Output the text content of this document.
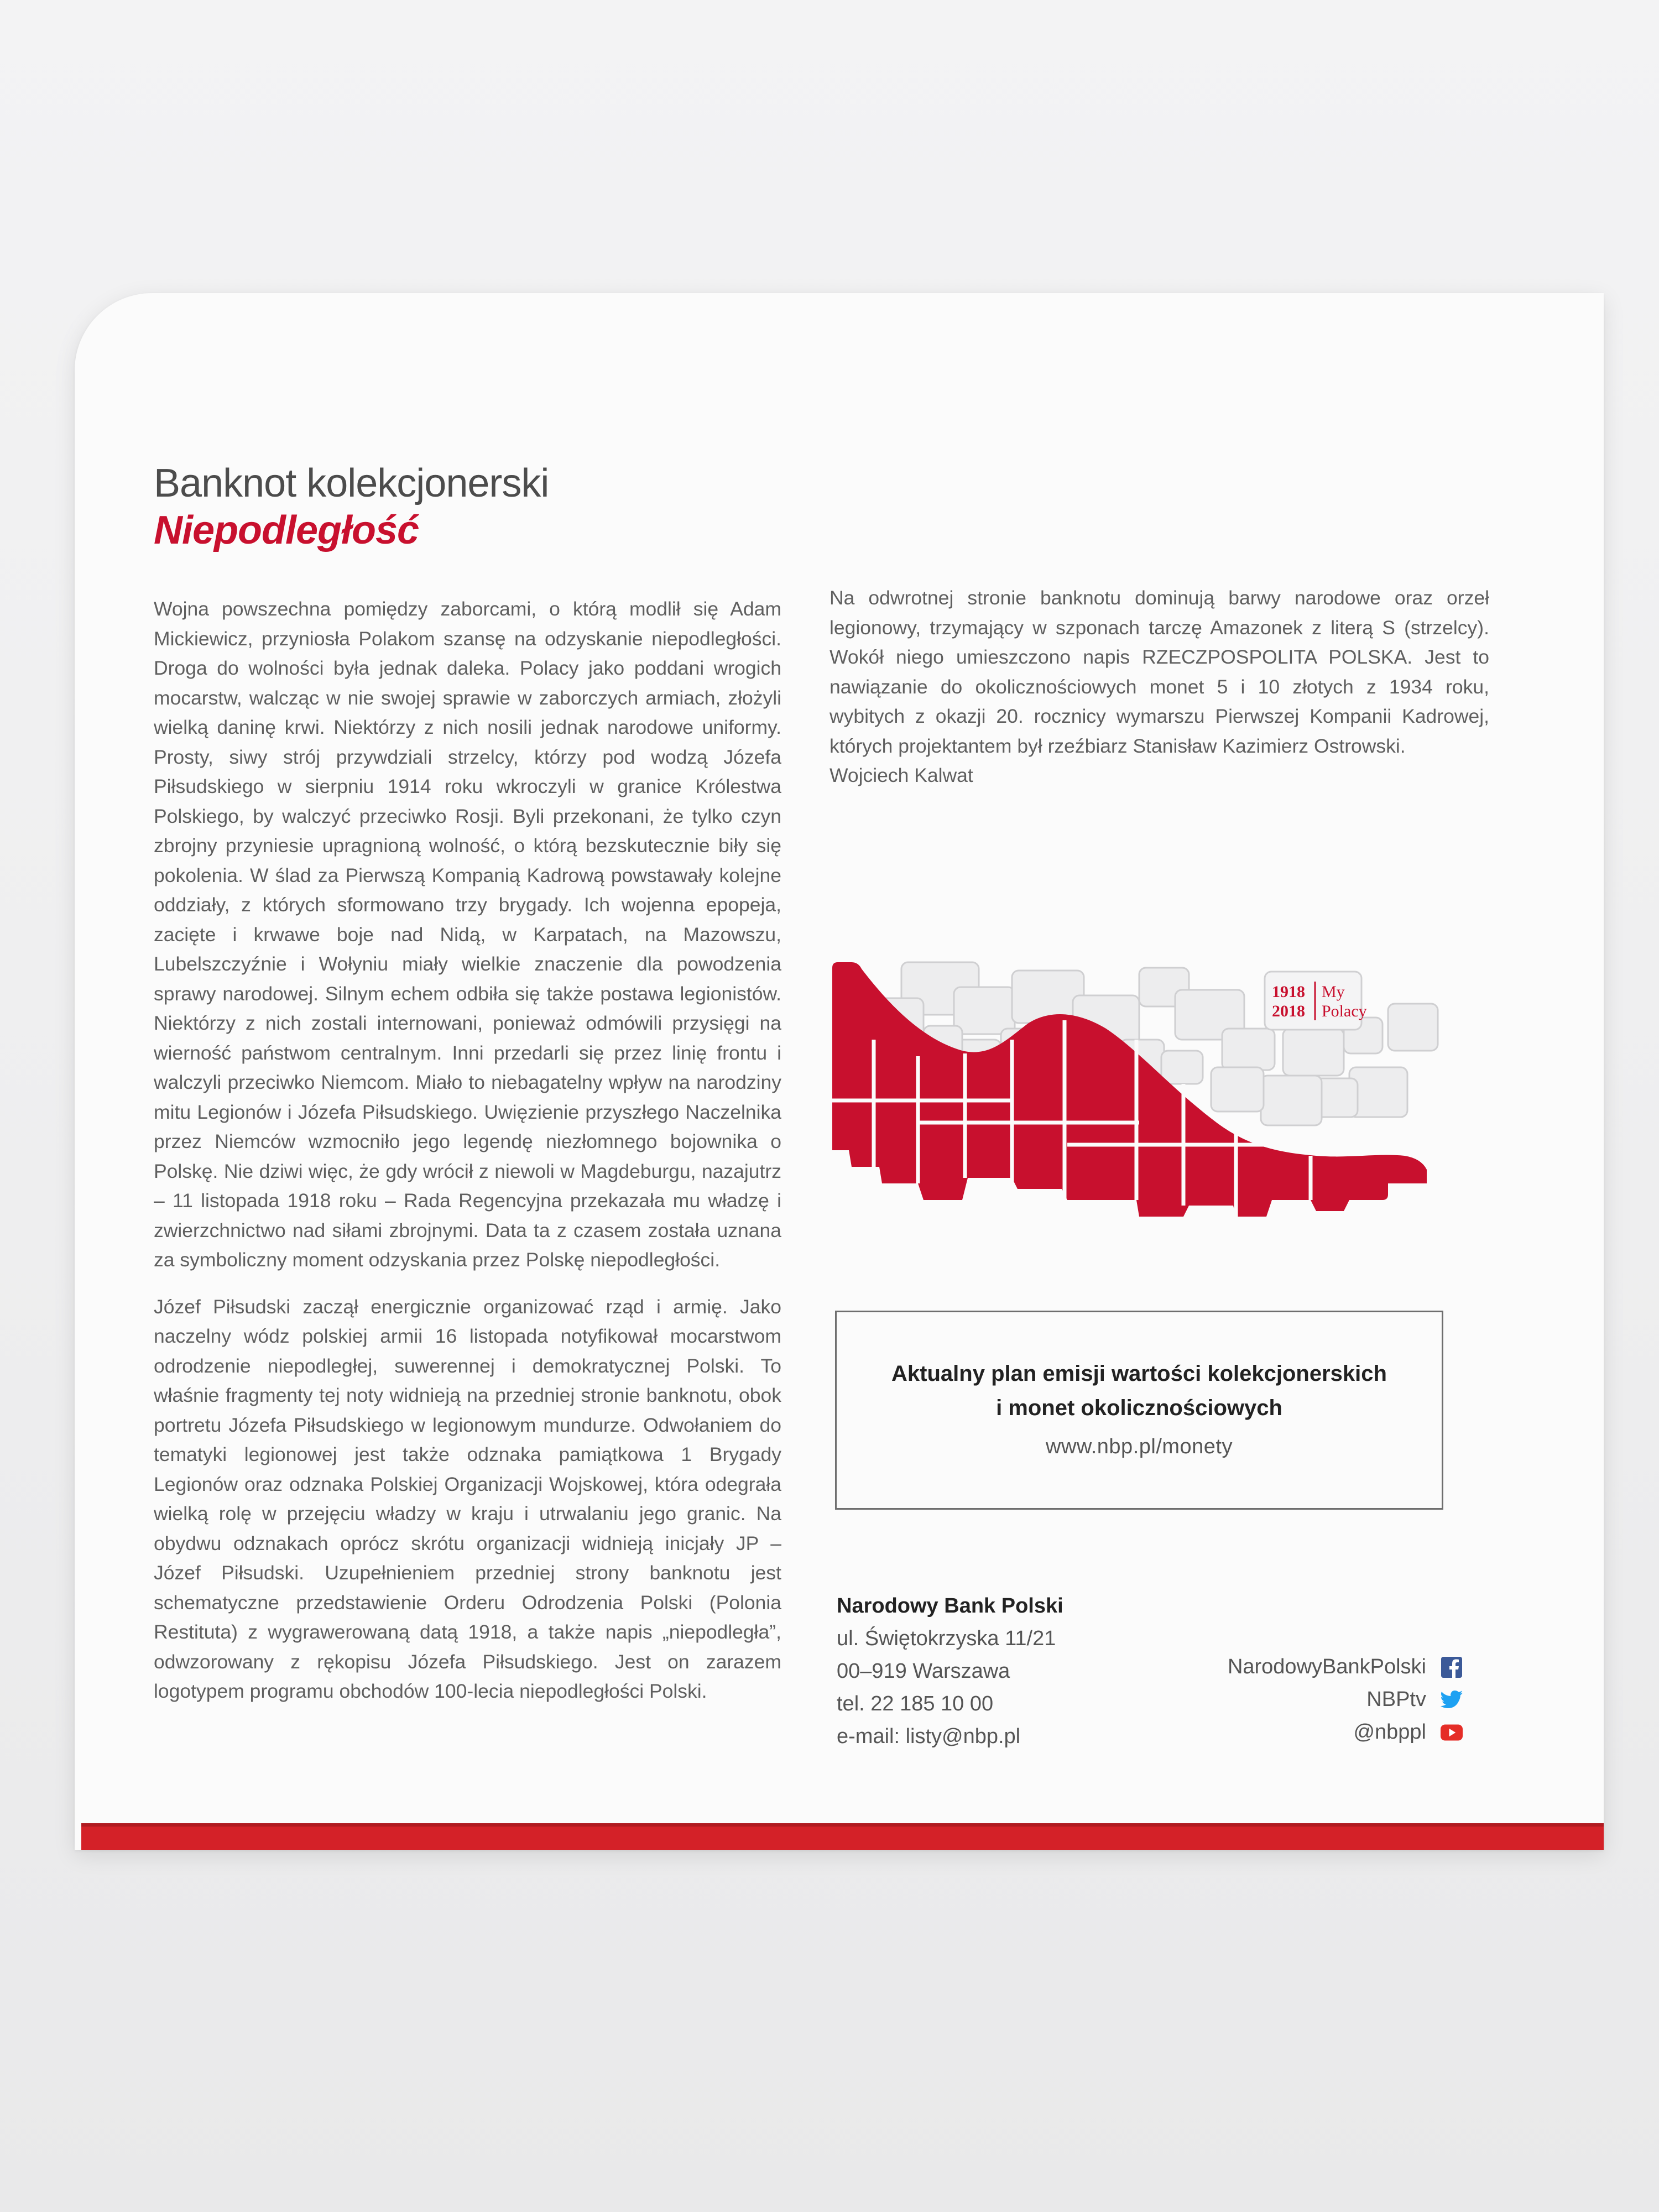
Banknot kolekcjonerski
Niepodległość

Wojna powszechna pomiędzy zaborcami, o którą modlił się Adam Mickiewicz, przyniosła Polakom szansę na odzyskanie niepodległości. Droga do wolności była jednak daleka. Polacy jako poddani wrogich mocarstw, walcząc w nie swojej sprawie w zaborczych armiach, złożyli wielką daninę krwi. Niektórzy z nich nosili jednak narodowe uniformy. Prosty, siwy strój przywdziali strzelcy, którzy pod wodzą Józefa Piłsudskiego w sierpniu 1914 roku wkroczyli w granice Królestwa Polskiego, by walczyć przeciwko Rosji. Byli przekonani, że tylko czyn zbrojny przyniesie upragnioną wolność, o którą bezskutecznie biły się pokolenia. W ślad za Pierwszą Kompanią Kadrową powstawały kolejne oddziały, z których sformowano trzy brygady. Ich wojenna epopeja, zacięte i krwawe boje nad Nidą, w Karpatach, na Mazowszu, Lubelszczyźnie i Wołyniu miały wielkie znaczenie dla powodzenia sprawy narodowej. Silnym echem odbiła się także postawa legionistów. Niektórzy z nich zostali internowani, ponieważ odmówili przysięgi na wierność państwom centralnym. Inni przedarli się przez linię frontu i walczyli przeciwko Niemcom. Miało to niebagatelny wpływ na narodziny mitu Legionów i Józefa Piłsudskiego. Uwięzienie przyszłego Naczelnika przez Niemców wzmocniło jego legendę niezłomnego bojownika o Polskę. Nie dziwi więc, że gdy wrócił z niewoli w Magdeburgu, nazajutrz – 11 listopada 1918 roku – Rada Regencyjna przekazała mu władzę i zwierzchnictwo nad siłami zbrojnymi. Data ta z czasem została uznana za symboliczny moment odzyskania przez Polskę niepodległości.

Józef Piłsudski zaczął energicznie organizować rząd i armię. Jako naczelny wódz polskiej armii 16 listopada notyfikował mocarstwom odrodzenie niepodległej, suwerennej i demokratycznej Polski. To właśnie fragmenty tej noty widnieją na przedniej stronie banknotu, obok portretu Józefa Piłsudskiego w legionowym mundurze. Odwołaniem do tematyki legionowej jest także odznaka pamiątkowa 1 Brygady Legionów oraz odznaka Polskiej Organizacji Wojskowej, która odegrała wielką rolę w przejęciu władzy w kraju i utrwalaniu jego granic. Na obydwu odznakach oprócz skrótu organizacji widnieją inicjały JP – Józef Piłsudski. Uzupełnieniem przedniej strony banknotu jest schematyczne przedstawienie Orderu Odrodzenia Polski (Polonia Restituta) z wygrawerowaną datą 1918, a także napis „niepodległa”, odwzorowany z rękopisu Józefa Piłsudskiego. Jest on zarazem logotypem programu obchodów 100-lecia niepodległości Polski.

Na odwrotnej stronie banknotu dominują barwy narodowe oraz orzeł legionowy, trzymający w szponach tarczę Amazonek z literą S (strzelcy). Wokół niego umieszczono napis RZECZPOSPOLITA POLSKA. Jest to nawiązanie do okolicznościowych monet 5 i 10 złotych z 1934 roku, wybitych z okazji 20. rocznicy wymarszu Pierwszej Kompanii Kadrowej, których projektantem był rzeźbiarz Stanisław Kazimierz Ostrowski.

Wojciech Kalwat

1918
2018
My
Polacy
Aktualny plan emisji wartości kolekcjonerskich
i monet okolicznościowych
www.nbp.pl/monety
Narodowy Bank Polski
ul. Świętokrzyska 11/21
00–919 Warszawa
tel. 22 185 10 00
e-mail: listy@nbp.pl
NarodowyBankPolski
NBPtv
@nbppl
